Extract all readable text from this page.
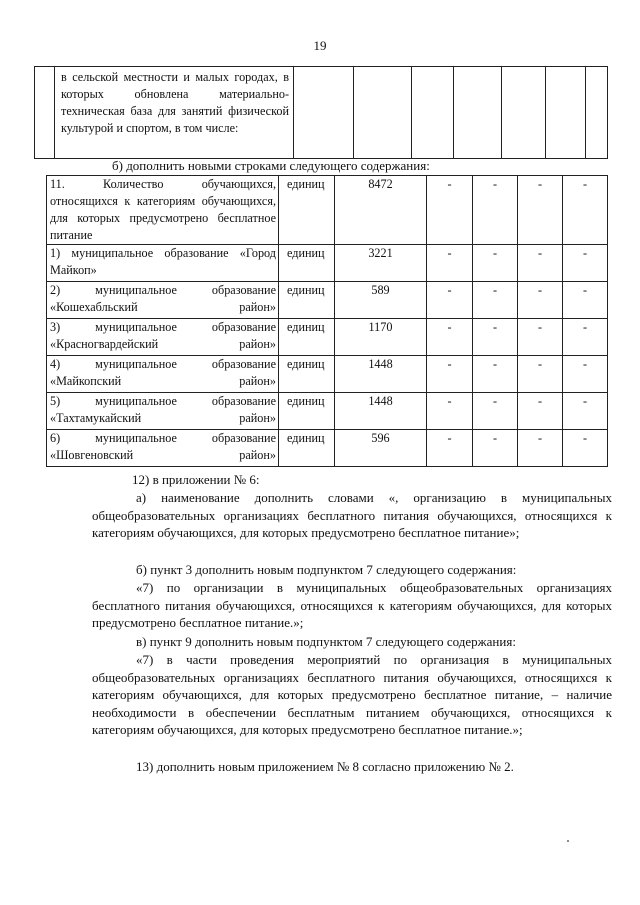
19
	в сельской местности и малых городах, в которых обновлена материально-техническая база для занятий физической культурой и спортом, в том числе:							
б) дополнить новыми строками следующего содержания:
11. Количество обучающихся, относящихся к категориям обучающихся, для которых предусмотрено бесплатное питание	единиц	8472	-	-	-	-
1) муниципальное образование «Город Майкоп»	единиц	3221	-	-	-	-
2) муниципальное образование «Кошехабльский район»	единиц	589	-	-	-	-
3) муниципальное образование «Красногвардейский район»	единиц	1170	-	-	-	-
4) муниципальное образование «Майкопский район»	единиц	1448	-	-	-	-
5) муниципальное образование «Тахтамукайский район»	единиц	1448	-	-	-	-
6) муниципальное образование «Шовгеновский район»	единиц	596	-	-	-	-

12) в приложении № 6:

а) наименование дополнить словами «, организацию в муниципальных общеобразовательных организациях бесплатного питания обучающихся, относящихся к категориям обучающихся, для которых предусмотрено бесплатное питание»;

б) пункт 3 дополнить новым подпунктом 7 следующего содержания:

«7) по организации в муниципальных общеобразовательных организациях бесплатного питания обучающихся, относящихся к категориям обучающихся, для которых предусмотрено бесплатное питание.»;

в) пункт 9 дополнить новым подпунктом 7 следующего содержания:

«7) в части проведения мероприятий по организация в муниципальных общеобразовательных организациях бесплатного питания обучающихся, относящихся к категориям обучающихся, для которых предусмотрено бесплатное питание, – наличие необходимости в обеспечении бесплатным питанием обучающихся, относящихся к категориям обучающихся, для которых предусмотрено бесплатное питание.»;

13) дополнить новым приложением № 8 согласно приложению № 2.
